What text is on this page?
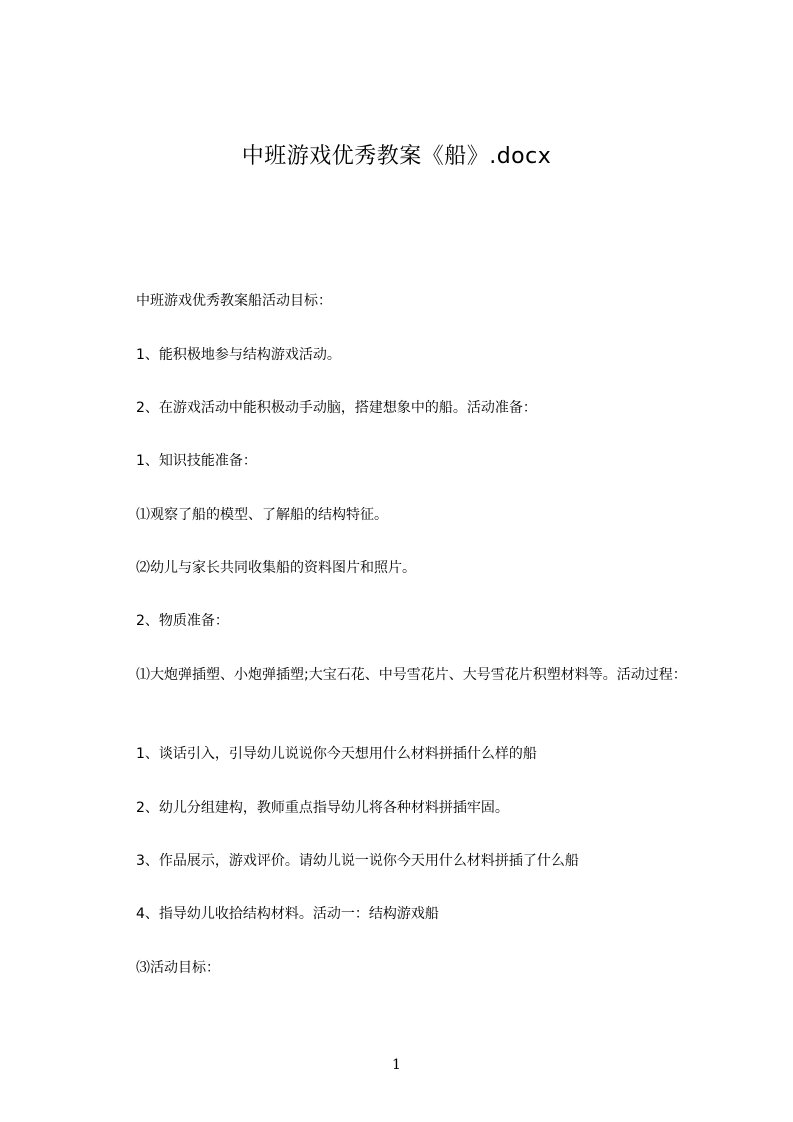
中班游戏优秀教案《船》.docx
中班游戏优秀教案船活动目标：
1、能积极地参与结构游戏活动。
2、在游戏活动中能积极动手动脑，搭建想象中的船。活动准备：
1、知识技能准备：
⑴观察了船的模型、了解船的结构特征。
⑵幼儿与家长共同收集船的资料图片和照片。
2、物质准备：
⑴大炮弹插塑、小炮弹插塑;大宝石花、中号雪花片、大号雪花片积塑材料等。活动过程：
1、谈话引入，引导幼儿说说你今天想用什么材料拼插什么样的船
2、幼儿分组建构，教师重点指导幼儿将各种材料拼插牢固。
3、作品展示，游戏评价。请幼儿说一说你今天用什么材料拼插了什么船
4、指导幼儿收拾结构材料。活动一：结构游戏船
⑶活动目标：
1
